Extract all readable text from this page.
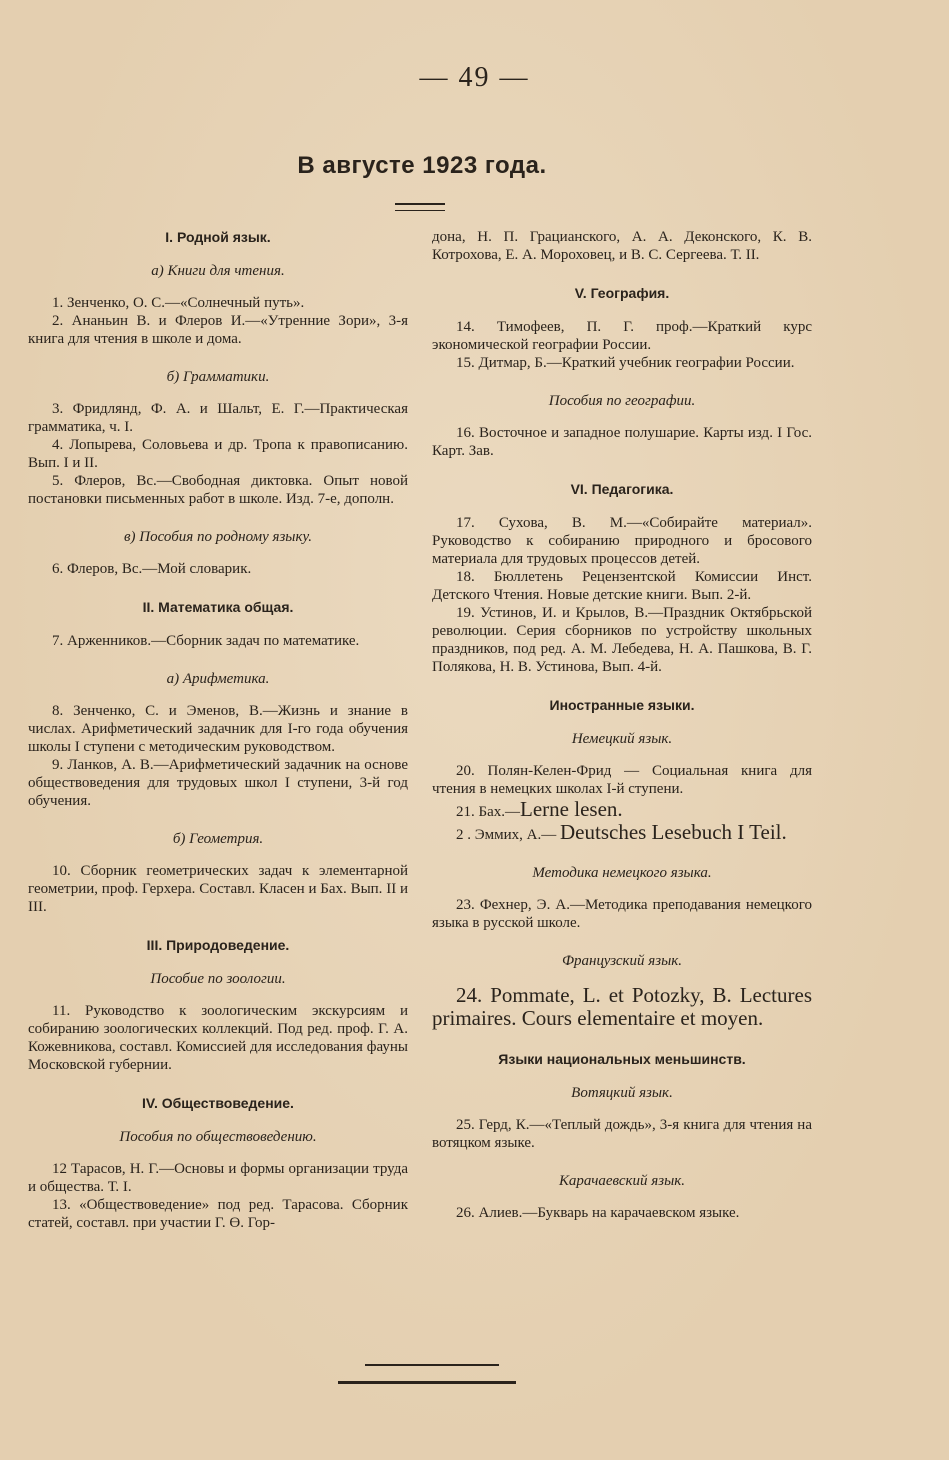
— 49 —
В августе 1923 года.
I. Родной язык.
а) Книги для чтения.

1. Зенченко, О. С.—«Солнечный путь».

2. Ананьин В. и Флеров И.—«Утренние Зори», 3-я книга для чтения в школе и дома.

б) Грамматики.

3. Фридлянд, Ф. А. и Шальт, Е. Г.—Практическая грамматика, ч. I.

4. Лопырева, Соловьева и др. Тропа к правописанию. Вып. I и II.

5. Флеров, Вс.—Свободная диктовка. Опыт новой постановки письменных работ в школе. Изд. 7-е, дополн.

в) Пособия по родному языку.

6. Флеров, Вс.—Мой словарик.

II. Математика общая.

7. Арженников.—Сборник задач по математике.

а) Арифметика.

8. Зенченко, С. и Эменов, В.—Жизнь и знание в числах. Арифметический задачник для I-го года обучения школы I ступени с методическим руководством.

9. Ланков, А. В.—Арифметический задачник на основе обществоведения для трудовых школ I ступени, 3-й год обучения.

б) Геометрия.

10. Сборник геометрических задач к элементарной геометрии, проф. Герхера. Составл. Класен и Бах. Вып. II и III.

III. Природоведение.
Пособие по зоологии.

11. Руководство к зоологическим экскурсиям и собиранию зоологических коллекций. Под ред. проф. Г. А. Кожевникова, составл. Комиссией для исследования фауны Московской губернии.

IV. Обществоведение.
Пособия по обществоведению.

12 Тарасов, Н. Г.—Основы и формы организации труда и общества. Т. I.

13. «Обществоведение» под ред. Тарасова. Сборник статей, составл. при участии Г. Ө. Гор-

дона, Н. П. Грацианского, А. А. Деконского, К. В. Котрохова, Е. А. Мороховец, и В. С. Сергеева. Т. II.

V. География.

14. Тимофеев, П. Г. проф.—Краткий курс экономической географии России.

15. Дитмар, Б.—Краткий учебник географии России.

Пособия по географии.

16. Восточное и западное полушарие. Карты изд. I Гос. Карт. Зав.

VI. Педагогика.

17. Сухова, В. М.—«Собирайте материал». Руководство к собиранию природного и бросового материала для трудовых процессов детей.

18. Бюллетень Рецензентской Комиссии Инст. Детского Чтения. Новые детские книги. Вып. 2-й.

19. Устинов, И. и Крылов, В.—Праздник Октябрьской революции. Серия сборников по устройству школьных праздников, под ред. А. М. Лебедева, Н. А. Пашкова, В. Г. Полякова, Н. В. Устинова, Вып. 4-й.

Иностранные языки.
Немецкий язык.

20. Полян-Келен-Фрид — Социальная книга для чтения в немецких школах I-й ступени.

21. Бах.—Lerne lesen.

2 . Эммих, А.— Deutsches Lesebuch I Teil.

Методика немецкого языка.

23. Фехнер, Э. А.—Методика преподавания немецкого языка в русской школе.

Французский язык.

24. Pommate, L. et Potozky, B. Lectures primaires. Cours elementaire et moyen.

Языки национальных меньшинств.
Вотяцкий язык.

25. Герд, К.—«Теплый дождь», 3-я книга для чтения на вотяцком языке.

Карачаевский язык.

26. Алиев.—Букварь на карачаевском языке.
